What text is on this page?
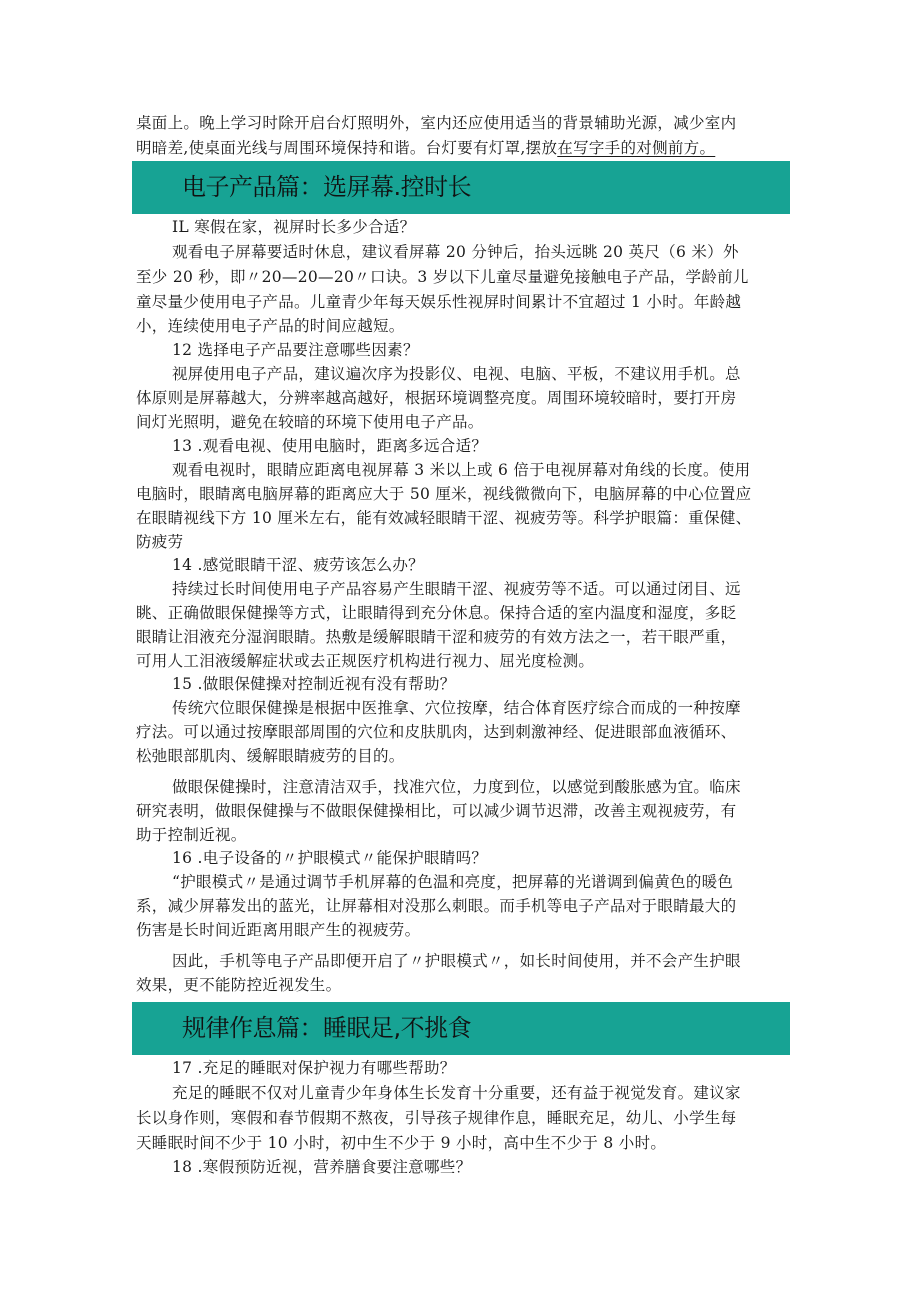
桌面上。晚上学习时除开启台灯照明外，室内还应使用适当的背景辅助光源，减少室内
明暗差,使桌面光线与周围环境保持和谐。台灯要有灯罩,摆放在写字手的对侧前方。
电子产品篇：选屏幕.控时长
IL 寒假在家，视屏时长多少合适？
观看电子屏幕要适时休息，建议看屏幕 20 分钟后，抬头远眺 20 英尺（6 米）外
至少 20 秒，即〃20—20—20〃口诀。3 岁以下儿童尽量避免接触电子产品，学龄前儿
童尽量少使用电子产品。儿童青少年每天娱乐性视屏时间累计不宜超过 1 小时。年龄越
小，连续使用电子产品的时间应越短。
12 选择电子产品要注意哪些因素？
视屏使用电子产品，建议遍次序为投影仪、电视、电脑、平板，不建议用手机。总
体原则是屏幕越大，分辨率越高越好，根据环境调整亮度。周围环境较暗时，要打开房
间灯光照明，避免在较暗的环境下使用电子产品。
13 .观看电视、使用电脑时，距离多远合适？
观看电视时，眼睛应距离电视屏幕 3 米以上或 6 倍于电视屏幕对角线的长度。使用
电脑时，眼睛离电脑屏幕的距离应大于 50 厘米，视线微微向下，电脑屏幕的中心位置应
在眼睛视线下方 10 厘米左右，能有效减轻眼睛干涩、视疲劳等。科学护眼篇：重保健、
防疲劳
14 .感觉眼睛干涩、疲劳该怎么办？
持续过长时间使用电子产品容易产生眼睛干涩、视疲劳等不适。可以通过闭目、远
眺、正确做眼保健操等方式，让眼睛得到充分休息。保持合适的室内温度和湿度，多眨
眼睛让泪液充分湿润眼睛。热敷是缓解眼睛干涩和疲劳的有效方法之一，若干眼严重，
可用人工泪液缓解症状或去正规医疗机构进行视力、屈光度检测。
15 .做眼保健操对控制近视有没有帮助？
传统穴位眼保健操是根据中医推拿、穴位按摩，结合体育医疗综合而成的一种按摩
疗法。可以通过按摩眼部周围的穴位和皮肤肌肉，达到刺激神经、促进眼部血液循环、
松弛眼部肌肉、缓解眼睛疲劳的目的。
做眼保健操时，注意清洁双手，找准穴位，力度到位，以感觉到酸胀感为宜。临床
研究表明，做眼保健操与不做眼保健操相比，可以减少调节迟滞，改善主观视疲劳，有
助于控制近视。
16 .电子设备的〃护眼模式〃能保护眼睛吗？
“护眼模式〃是通过调节手机屏幕的色温和亮度，把屏幕的光谱调到偏黄色的暖色
系，减少屏幕发出的蓝光，让屏幕相对没那么刺眼。而手机等电子产品对于眼睛最大的
伤害是长时间近距离用眼产生的视疲劳。
因此，手机等电子产品即便开启了〃护眼模式〃，如长时间使用，并不会产生护眼
效果，更不能防控近视发生。
规律作息篇：睡眠足,不挑食
17 .充足的睡眠对保护视力有哪些帮助？
充足的睡眠不仅对儿童青少年身体生长发育十分重要，还有益于视觉发育。建议家
长以身作则，寒假和春节假期不熬夜，引导孩子规律作息，睡眠充足，幼儿、小学生每
天睡眠时间不少于 10 小时，初中生不少于 9 小时，高中生不少于 8 小时。
18 .寒假预防近视，营养膳食要注意哪些？
